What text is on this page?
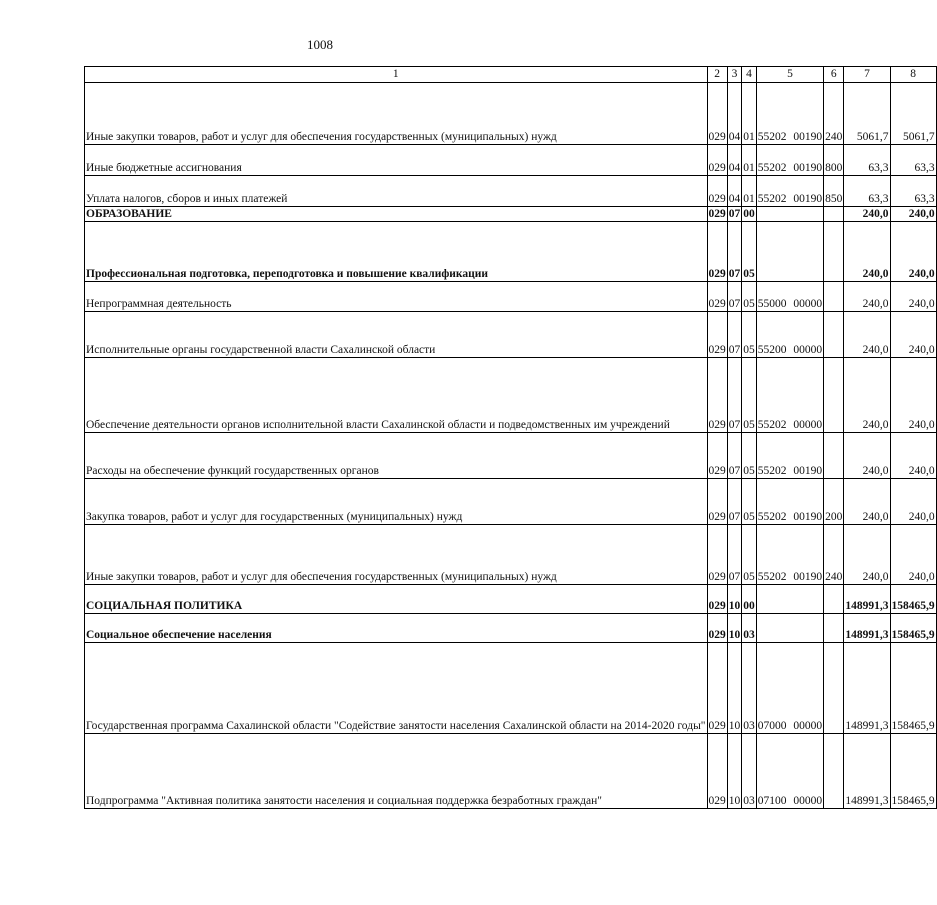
1008
1	2	3	4	5	6	7	8
Иные закупки товаров, работ и услуг для обеспечения государственных (муниципальных) нужд	029	04	01	55202 00190	240	5061,7	5061,7
Иные бюджетные ассигнования	029	04	01	55202 00190	800	63,3	63,3
Уплата налогов, сборов и иных платежей	029	04	01	55202 00190	850	63,3	63,3
ОБРАЗОВАНИЕ	029	07	00			240,0	240,0
Профессиональная подготовка, переподготовка и повышение квалификации	029	07	05			240,0	240,0
Непрограммная деятельность	029	07	05	55000 00000		240,0	240,0
Исполнительные органы государственной власти Сахалинской области	029	07	05	55200 00000		240,0	240,0
Обеспечение деятельности органов исполнительной власти Сахалинской области и подведомственных им учреждений	029	07	05	55202 00000		240,0	240,0
Расходы на обеспечение функций государственных органов	029	07	05	55202 00190		240,0	240,0
Закупка товаров, работ и услуг для государственных (муниципальных) нужд	029	07	05	55202 00190	200	240,0	240,0
Иные закупки товаров, работ и услуг для обеспечения государственных (муниципальных) нужд	029	07	05	55202 00190	240	240,0	240,0
СОЦИАЛЬНАЯ ПОЛИТИКА	029	10	00			148991,3	158465,9
Социальное обеспечение населения	029	10	03			148991,3	158465,9
Государственная программа Сахалинской области "Содействие занятости населения Сахалинской области на 2014-2020 годы"	029	10	03	07000 00000		148991,3	158465,9
Подпрограмма "Активная политика занятости населения и социальная поддержка безработных граждан"	029	10	03	07100 00000		148991,3	158465,9
